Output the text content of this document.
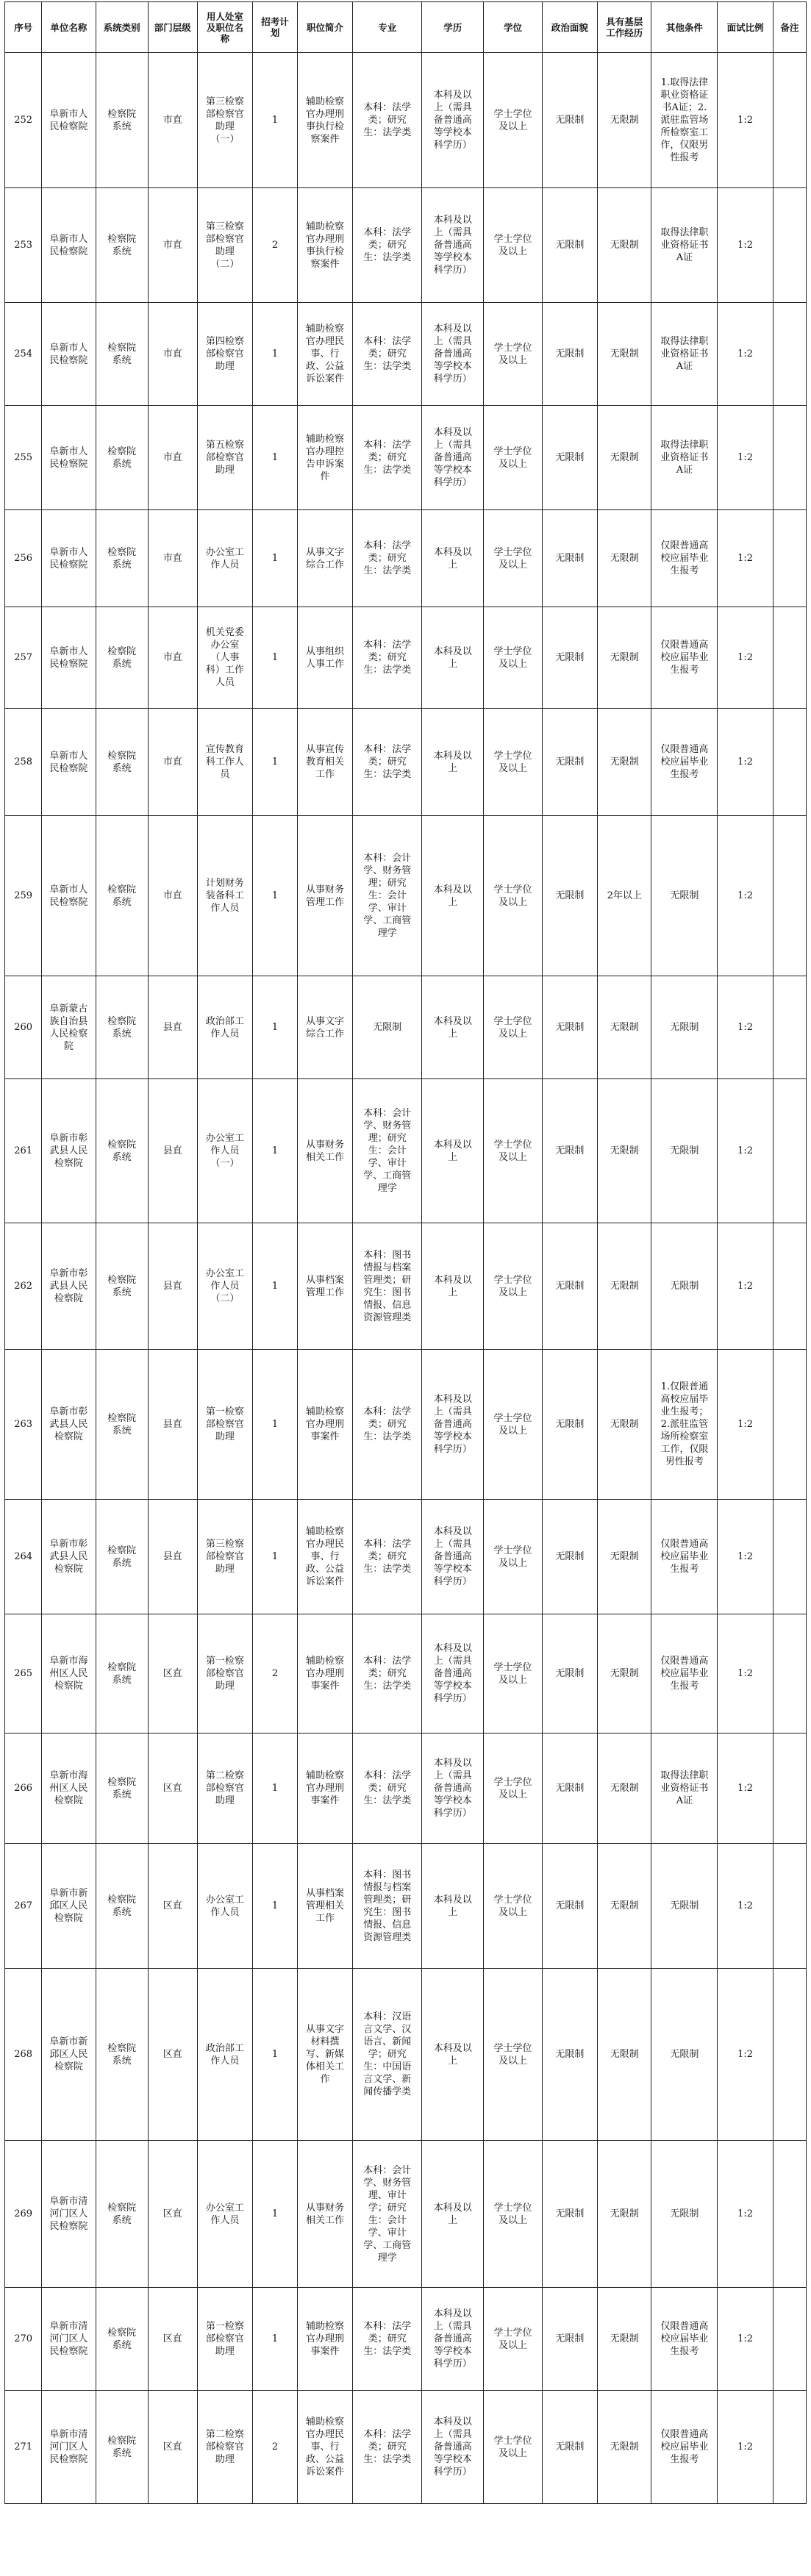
序号	单位名称	系统类别	部门层级	用人处室及职位名称	招考计划	职位简介	专业	学历	学位	政治面貌	具有基层工作经历	其他条件	面试比例	备注
252	阜新市人民检察院	检察院系统	市直	第三检察部检察官助理（一）	1	辅助检察官办理刑事执行检察案件	本科：法学类；研究生：法学类	本科及以上（需具备普通高等学校本科学历）	学士学位及以上	无限制	无限制	1.取得法律职业资格证书A证；2.派驻监管场所检察室工作，仅限男性报考	1:2	
253	阜新市人民检察院	检察院系统	市直	第三检察部检察官助理（二）	2	辅助检察官办理刑事执行检察案件	本科：法学类；研究生：法学类	本科及以上（需具备普通高等学校本科学历）	学士学位及以上	无限制	无限制	取得法律职业资格证书A证	1:2	
254	阜新市人民检察院	检察院系统	市直	第四检察部检察官助理	1	辅助检察官办理民事、行政、公益诉讼案件	本科：法学类；研究生：法学类	本科及以上（需具备普通高等学校本科学历）	学士学位及以上	无限制	无限制	取得法律职业资格证书A证	1:2	
255	阜新市人民检察院	检察院系统	市直	第五检察部检察官助理	1	辅助检察官办理控告申诉案件	本科：法学类；研究生：法学类	本科及以上（需具备普通高等学校本科学历）	学士学位及以上	无限制	无限制	取得法律职业资格证书A证	1:2	
256	阜新市人民检察院	检察院系统	市直	办公室工作人员	1	从事文字综合工作	本科：法学类；研究生：法学类	本科及以上	学士学位及以上	无限制	无限制	仅限普通高校应届毕业生报考	1:2	
257	阜新市人民检察院	检察院系统	市直	机关党委办公室（人事科）工作人员	1	从事组织人事工作	本科：法学类；研究生：法学类	本科及以上	学士学位及以上	无限制	无限制	仅限普通高校应届毕业生报考	1:2	
258	阜新市人民检察院	检察院系统	市直	宣传教育科工作人员	1	从事宣传教育相关工作	本科：法学类；研究生：法学类	本科及以上	学士学位及以上	无限制	无限制	仅限普通高校应届毕业生报考	1:2	
259	阜新市人民检察院	检察院系统	市直	计划财务装备科工作人员	1	从事财务管理工作	本科：会计学、财务管理；研究生：会计学、审计学、工商管理学	本科及以上	学士学位及以上	无限制	2年以上	无限制	1:2	
260	阜新蒙古族自治县人民检察院	检察院系统	县直	政治部工作人员	1	从事文字综合工作	无限制	本科及以上	学士学位及以上	无限制	无限制	无限制	1:2	
261	阜新市彰武县人民检察院	检察院系统	县直	办公室工作人员（一）	1	从事财务相关工作	本科：会计学、财务管理；研究生：会计学、审计学、工商管理学	本科及以上	学士学位及以上	无限制	无限制	无限制	1:2	
262	阜新市彰武县人民检察院	检察院系统	县直	办公室工作人员（二）	1	从事档案管理工作	本科：图书情报与档案管理类；研究生：图书情报、信息资源管理类	本科及以上	学士学位及以上	无限制	无限制	无限制	1:2	
263	阜新市彰武县人民检察院	检察院系统	县直	第一检察部检察官助理	1	辅助检察官办理刑事案件	本科：法学类；研究生：法学类	本科及以上（需具备普通高等学校本科学历）	学士学位及以上	无限制	无限制	1.仅限普通高校应届毕业生报考；2.派驻监管场所检察室工作，仅限男性报考	1:2	
264	阜新市彰武县人民检察院	检察院系统	县直	第三检察部检察官助理	1	辅助检察官办理民事、行政、公益诉讼案件	本科：法学类；研究生：法学类	本科及以上（需具备普通高等学校本科学历）	学士学位及以上	无限制	无限制	仅限普通高校应届毕业生报考	1:2	
265	阜新市海州区人民检察院	检察院系统	区直	第一检察部检察官助理	2	辅助检察官办理刑事案件	本科：法学类；研究生：法学类	本科及以上（需具备普通高等学校本科学历）	学士学位及以上	无限制	无限制	仅限普通高校应届毕业生报考	1:2	
266	阜新市海州区人民检察院	检察院系统	区直	第二检察部检察官助理	1	辅助检察官办理刑事案件	本科：法学类；研究生：法学类	本科及以上（需具备普通高等学校本科学历）	学士学位及以上	无限制	无限制	取得法律职业资格证书A证	1:2	
267	阜新市新邱区人民检察院	检察院系统	区直	办公室工作人员	1	从事档案管理相关工作	本科：图书情报与档案管理类；研究生：图书情报、信息资源管理类	本科及以上	学士学位及以上	无限制	无限制	无限制	1:2	
268	阜新市新邱区人民检察院	检察院系统	区直	政治部工作人员	1	从事文字材料撰写、新媒体相关工作	本科：汉语言文学、汉语言、新闻学；研究生：中国语言文学、新闻传播学类	本科及以上	学士学位及以上	无限制	无限制	无限制	1:2	
269	阜新市清河门区人民检察院	检察院系统	区直	办公室工作人员	1	从事财务相关工作	本科：会计学、财务管理、审计学；研究生：会计学、审计学、工商管理学	本科及以上	学士学位及以上	无限制	无限制	无限制	1:2	
270	阜新市清河门区人民检察院	检察院系统	区直	第一检察部检察官助理	1	辅助检察官办理刑事案件	本科：法学类；研究生：法学类	本科及以上（需具备普通高等学校本科学历）	学士学位及以上	无限制	无限制	仅限普通高校应届毕业生报考	1:2	
271	阜新市清河门区人民检察院	检察院系统	区直	第二检察部检察官助理	2	辅助检察官办理民事、行政、公益诉讼案件	本科：法学类；研究生：法学类	本科及以上（需具备普通高等学校本科学历）	学士学位及以上	无限制	无限制	仅限普通高校应届毕业生报考	1:2	
